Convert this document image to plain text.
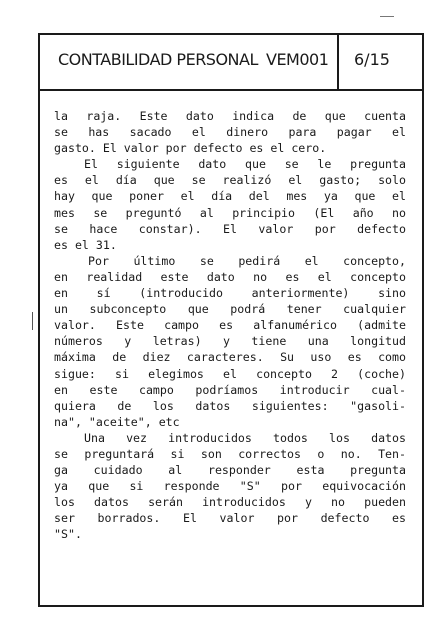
CONTABILIDAD PERSONAL VEM001 6/15
la raja. Este dato indica de que cuenta
se has sacado el dinero para pagar el
gasto. El valor por defecto es el cero.
El siguiente dato que se le pregunta
es el día que se realizó el gasto; solo
hay que poner el día del mes ya que el
mes se preguntó al principio (El año no
se hace constar). El valor por defecto
es el 31.
Por último se pedirá el concepto,
en realidad este dato no es el concepto
en sí (introducido anteriormente) sino
un subconcepto que podrá tener cualquier
valor. Este campo es alfanumérico (admite
números y letras) y tiene una longitud
máxima de diez caracteres. Su uso es como
sigue: si elegimos el concepto 2 (coche)
en este campo podríamos introducir cual-
quiera de los datos siguientes: "gasoli-
na", "aceite", etc
Una vez introducidos todos los datos
se preguntará si son correctos o no. Ten-
ga cuidado al responder esta pregunta
ya que si responde "S" por equivocación
los datos serán introducidos y no pueden
ser borrados. El valor por defecto es
"S".
